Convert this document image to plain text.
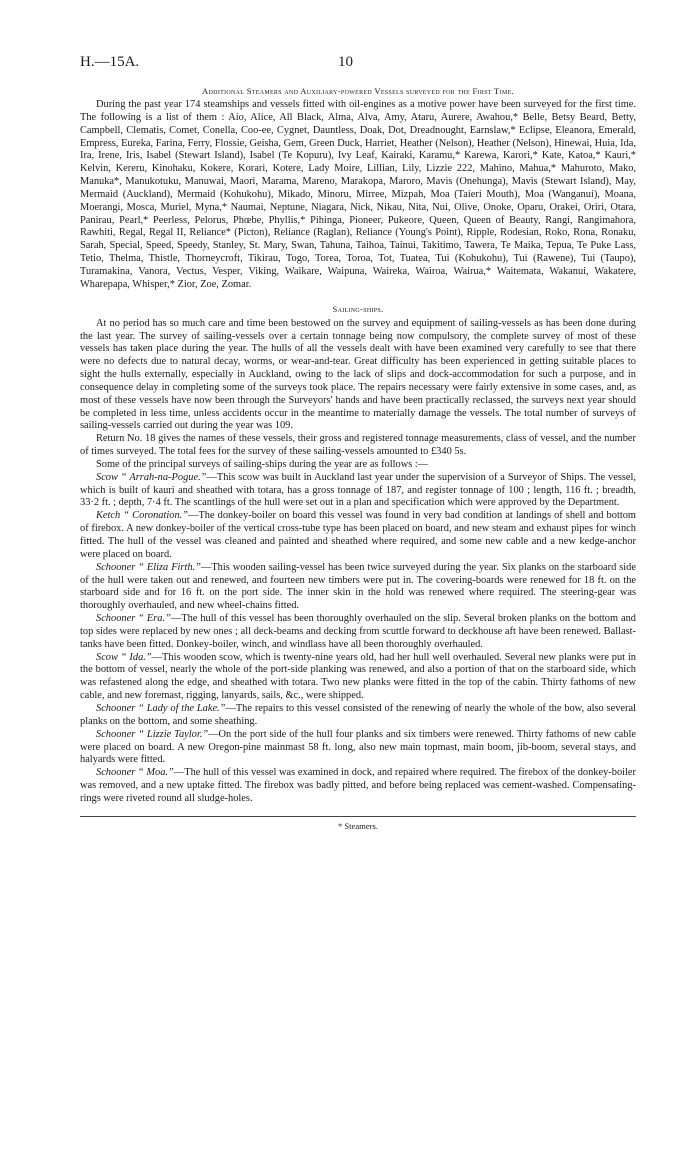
H.—15A.	10
Additional Steamers and Auxiliary-powered Vessels surveyed for the First Time.

During the past year 174 steamships and vessels fitted with oil-engines as a motive power have been surveyed for the first time. The following is a list of them : Aio, Alice, All Black, Alma, Alva, Amy, Ataru, Aurere, Awahou,* Belle, Betsy Beard, Betty, Campbell, Clematis, Comet, Conella, Coo-ee, Cygnet, Dauntless, Doak, Dot, Dreadnought, Earnslaw,* Eclipse, Eleanora, Emerald, Empress, Eureka, Farina, Ferry, Flossie, Geisha, Gem, Green Duck, Harriet, Heather (Nelson), Heather (Nelson), Hinewai, Huia, Ida, Ira, Irene, Iris, Isabel (Stewart Island), Isabel (Te Kopuru), Ivy Leaf, Kairaki, Karamu,* Karewa, Karori,* Kate, Katoa,* Kauri,* Kelvin, Kereru, Kinohaku, Kokere, Korari, Kotere, Lady Moire, Lillian, Lily, Lizzie 222, Mahino, Mahua,* Mahuroto, Mako, Manuka*, Manukotuku, Manuwai, Maori, Marama, Mareno, Marakopa, Maroro, Mavis (Onehunga), Mavis (Stewart Island), May, Mermaid (Auckland), Mermaid (Kohukohu), Mikado, Minoru, Mirree, Mizpah, Moa (Taieri Mouth), Moa (Wanganui), Moana, Moerangi, Mosca, Muriel, Myna,* Naumai, Neptune, Niagara, Nick, Nikau, Nita, Nui, Olive, Onoke, Oparu, Orakei, Oriri, Otara, Panirau, Pearl,* Peerless, Pelorus, Phœbe, Phyllis,* Pihinga, Pioneer, Pukeore, Queen, Queen of Beauty, Rangi, Rangimahora, Rawhiti, Regal, Regal II, Reliance* (Picton), Reliance (Raglan), Reliance (Young's Point), Ripple, Rodesian, Roko, Rona, Ronaku, Sarah, Special, Speed, Speedy, Stanley, St. Mary, Swan, Tahuna, Taihoa, Tainui, Takitimo, Tawera, Te Maika, Tepua, Te Puke Lass, Tetio, Thelma, Thistle, Thorneycroft, Tikirau, Togo, Torea, Toroa, Tot, Tuatea, Tui (Kohukohu), Tui (Rawene), Tui (Taupo), Turamakina, Vanora, Vectus, Vesper, Viking, Waikare, Waipuna, Waireka, Wairoa, Wairua,* Waitemata, Wakanui, Wakatere, Wharepapa, Whisper,* Zior, Zoe, Zomar.

Sailing-ships.

At no period has so much care and time been bestowed on the survey and equipment of sailing-vessels as has been done during the last year. The survey of sailing-vessels over a certain tonnage being now compulsory, the complete survey of most of these vessels has taken place during the year. The hulls of all the vessels dealt with have been examined very carefully to see that there were no defects due to natural decay, worms, or wear-and-tear. Great difficulty has been experienced in getting suitable places to sight the hulls externally, especially in Auckland, owing to the lack of slips and dock-accommodation for such a purpose, and in consequence delay in completing some of the surveys took place. The repairs necessary were fairly extensive in some cases, and, as most of these vessels have now been through the Surveyors' hands and have been practically reclassed, the surveys next year should be completed in less time, unless accidents occur in the meantime to materially damage the vessels. The total number of surveys of sailing-vessels carried out during the year was 109.

Return No. 18 gives the names of these vessels, their gross and registered tonnage measurements, class of vessel, and the number of times surveyed. The total fees for the survey of these sailing-vessels amounted to £340 5s.

Some of the principal surveys of sailing-ships during the year are as follows :—

Scow “ Arrah-na-Pogue.”—This scow was built in Auckland last year under the supervision of a Surveyor of Ships. The vessel, which is built of kauri and sheathed with totara, has a gross tonnage of 187, and register tonnage of 100 ; length, 116 ft. ; breadth, 33·2 ft. ; depth, 7·4 ft. The scantlings of the hull were set out in a plan and specification which were approved by the Department.

Ketch “ Coronation.”—The donkey-boiler on board this vessel was found in very bad condition at landings of shell and bottom of firebox. A new donkey-boiler of the vertical cross-tube type has been placed on board, and new steam and exhaust pipes for winch fitted. The hull of the vessel was cleaned and painted and sheathed where required, and some new cable and a new kedge-anchor were placed on board.

Schooner “ Eliza Firth.”—This wooden sailing-vessel has been twice surveyed during the year. Six planks on the starboard side of the hull were taken out and renewed, and fourteen new timbers were put in. The covering-boards were renewed for 18 ft. on the starboard side and for 16 ft. on the port side. The inner skin in the hold was renewed where required. The steering-gear was thoroughly overhauled, and new wheel-chains fitted.

Schooner “ Era.”—The hull of this vessel has been thoroughly overhauled on the slip. Several broken planks on the bottom and top sides were replaced by new ones ; all deck-beams and decking from scuttle forward to deckhouse aft have been renewed. Ballast-tanks have been fitted. Donkey-boiler, winch, and windlass have all been thoroughly overhauled.

Scow “ Ida.”—This wooden scow, which is twenty-nine years old, had her hull well overhauled. Several new planks were put in the bottom of vessel, nearly the whole of the port-side planking was renewed, and also a portion of that on the starboard side, which was refastened along the edge, and sheathed with totara. Two new planks were fitted in the top of the cabin. Thirty fathoms of new cable, and new foremast, rigging, lanyards, sails, &c., were shipped.

Schooner “ Lady of the Lake.”—The repairs to this vessel consisted of the renewing of nearly the whole of the bow, also several planks on the bottom, and some sheathing.

Schooner “ Lizzie Taylor.”—On the port side of the hull four planks and six timbers were renewed. Thirty fathoms of new cable were placed on board. A new Oregon-pine mainmast 58 ft. long, also new main topmast, main boom, jib-boom, several stays, and halyards were fitted.

Schooner “ Moa.”—The hull of this vessel was examined in dock, and repaired where required. The firebox of the donkey-boiler was removed, and a new uptake fitted. The firebox was badly pitted, and before being replaced was cement-washed. Compensating-rings were riveted round all sludge-holes.

* Steamers.
